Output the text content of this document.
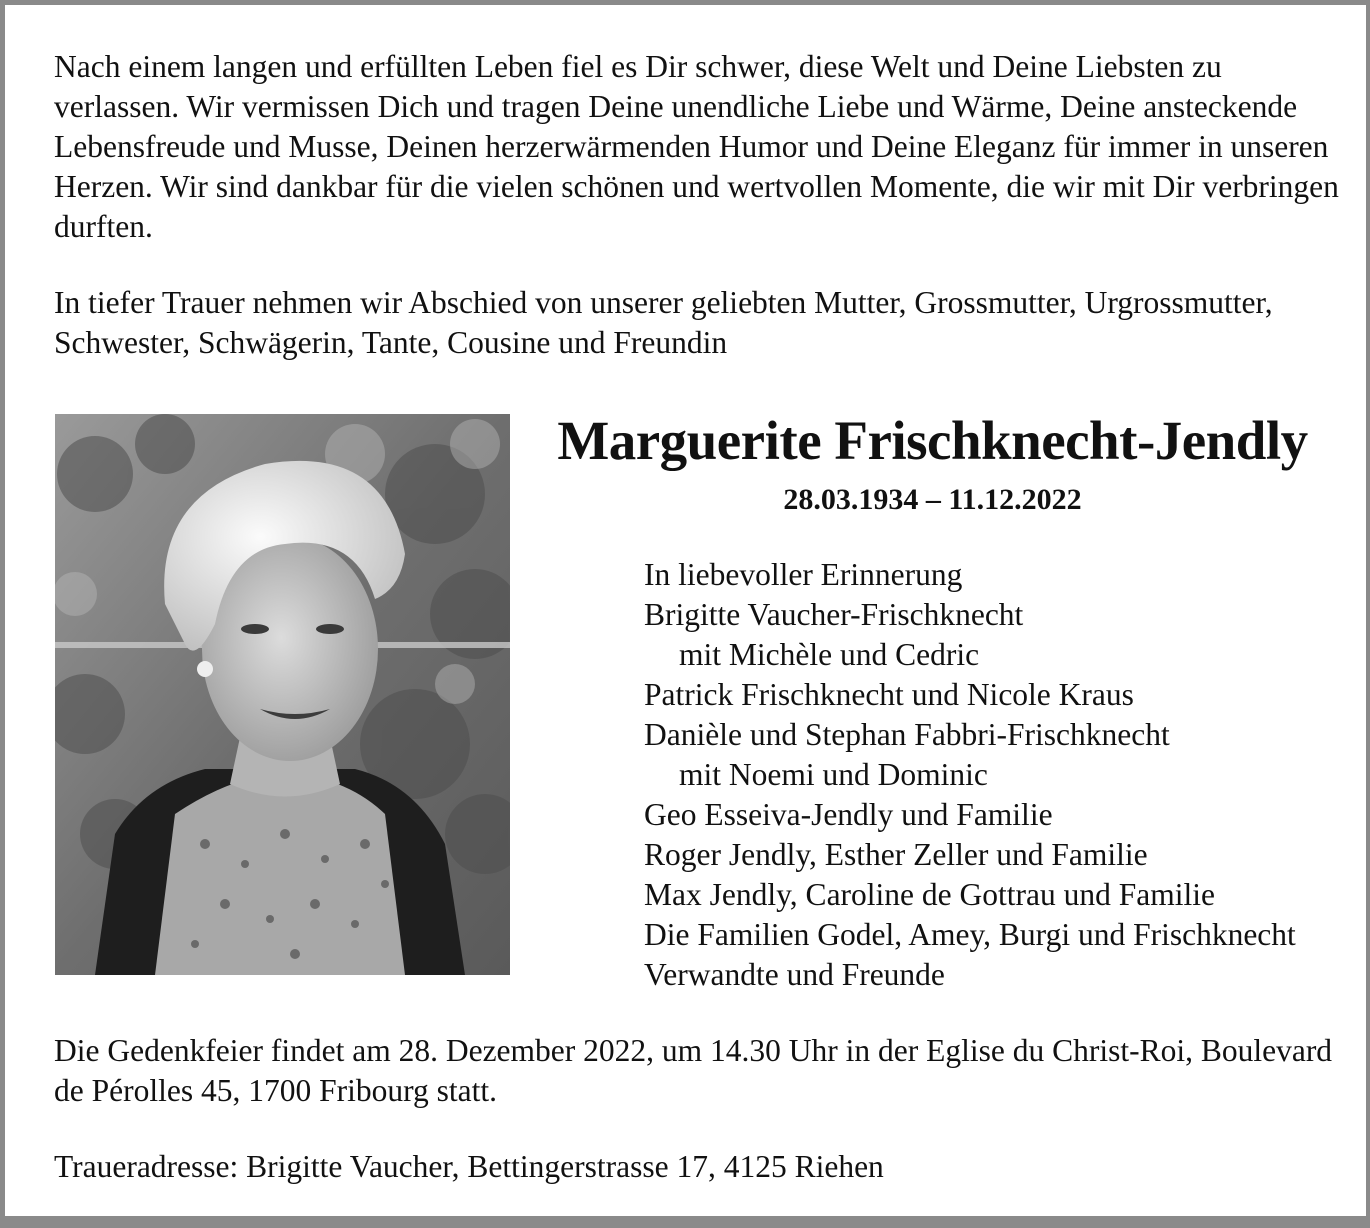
Nach einem langen und erfüllten Leben fiel es Dir schwer, diese Welt und Deine Liebsten zu verlassen. Wir vermissen Dich und tragen Deine unendliche Liebe und Wärme, Deine ansteckende Lebensfreude und Musse, Deinen herzerwärmenden Humor und Deine Eleganz für immer in unseren Herzen. Wir sind dankbar für die vielen schönen und wertvollen Momente, die wir mit Dir verbringen durften.

In tiefer Trauer nehmen wir Abschied von unserer geliebten Mutter, Grossmutter, Urgrossmutter, Schwester, Schwägerin, Tante, Cousine und Freundin

Marguerite Frischknecht-Jendly
28.03.1934 – 11.12.2022
In liebevoller Erinnerung
Brigitte Vaucher-Frischknecht
mit Michèle und Cedric
Patrick Frischknecht und Nicole Kraus
Danièle und Stephan Fabbri-Frischknecht
mit Noemi und Dominic
Geo Esseiva-Jendly und Familie
Roger Jendly, Esther Zeller und Familie
Max Jendly, Caroline de Gottrau und Familie
Die Familien Godel, Amey, Burgi und Frischknecht
Verwandte und Freunde

Die Gedenkfeier findet am 28. Dezember 2022, um 14.30 Uhr in der Eglise du Christ-Roi, Boulevard de Pérolles 45, 1700 Fribourg statt.

Traueradresse: Brigitte Vaucher, Bettingerstrasse 17, 4125 Riehen
